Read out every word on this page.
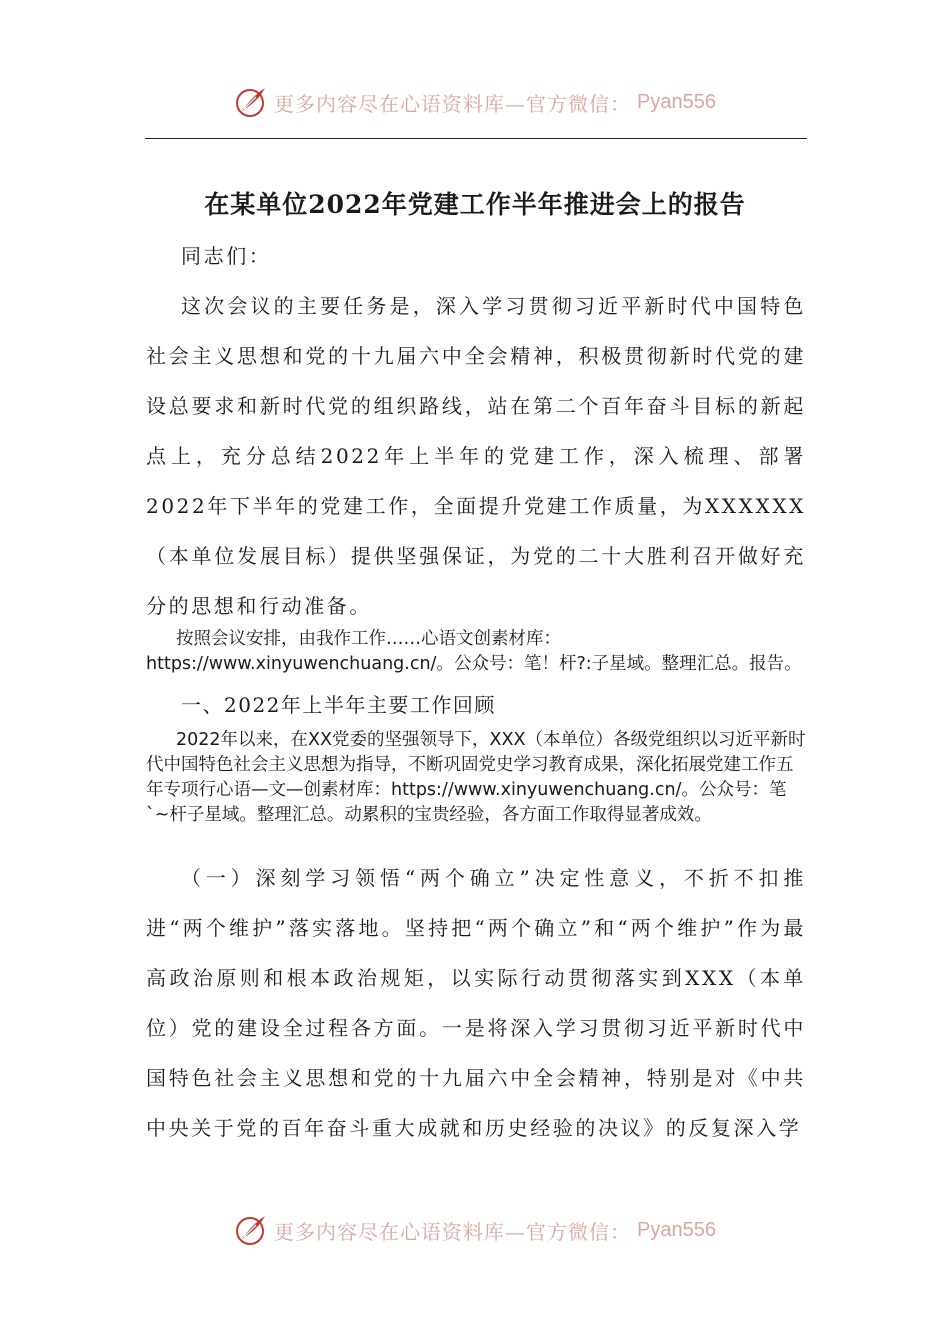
更多内容尽在心语资料库—官方微信： Pyan556
在某单位2022年党建工作半年推进会上的报告

同志们：

这次会议的主要任务是，深入学习贯彻习近平新时代中国特色社会主义思想和党的十九届六中全会精神，积极贯彻新时代党的建设总要求和新时代党的组织路线，站在第二个百年奋斗目标的新起点上，充分总结2022年上半年的党建工作，深入梳理、部署2022年下半年的党建工作，全面提升党建工作质量，为XXXXXX（本单位发展目标）提供坚强保证，为党的二十大胜利召开做好充分的思想和行动准备。

按照会议安排，由我作工作……心语文创素材库：https://www.xinyuwenchuang.cn/。公众号：笔！杆?:子星域。整理汇总。报告。

一、2022年上半年主要工作回顾

2022年以来，在XX党委的坚强领导下，XXX（本单位）各级党组织以习近平新时代中国特色社会主义思想为指导，不断巩固党史学习教育成果，深化拓展党建工作五年专项行心语—文—创素材库：https://www.xinyuwenchuang.cn/。公众号：笔`~杆子星域。整理汇总。动累积的宝贵经验，各方面工作取得显著成效。

（一）深刻学习领悟“两个确立”决定性意义，不折不扣推进“两个维护”落实落地。坚持把“两个确立”和“两个维护”作为最高政治原则和根本政治规矩，以实际行动贯彻落实到XXX（本单位）党的建设全过程各方面。一是将深入学习贯彻习近平新时代中国特色社会主义思想和党的十九届六中全会精神，特别是对《中共中央关于党的百年奋斗重大成就和历史经验的决议》的反复深入学

更多内容尽在心语资料库—官方微信： Pyan556
